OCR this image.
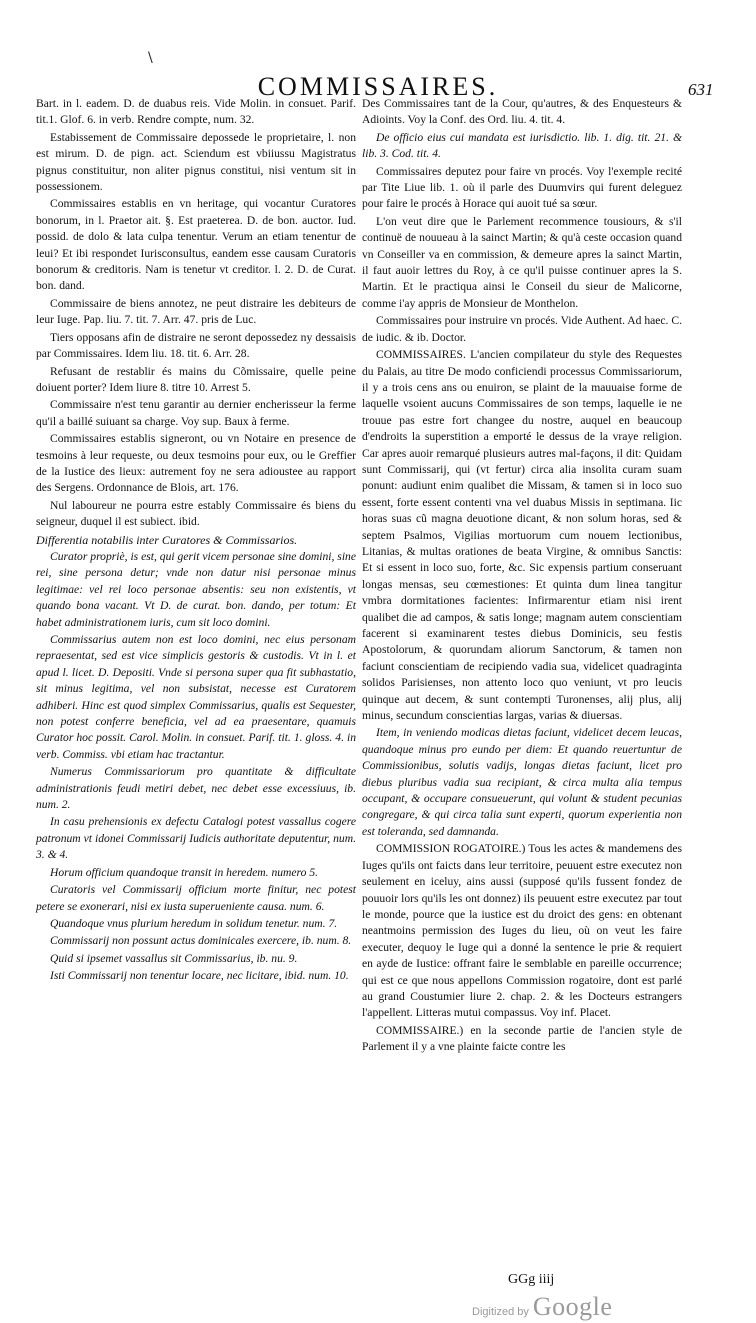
\
COMMISSAIRES.	631

Bart. in l. eadem. D. de duabus reis. Vide Molin. in consuet. Parif. tit.1. Glof. 6. in verb. Rendre compte, num. 32.

Estabissement de Commissaire depossede le proprietaire, l. non est mirum. D. de pign. act. Sciendum est vbiiussu Magistratus pignus constituitur, non aliter pignus constitui, nisi ventum sit in possessionem.

Commissaires establis en vn heritage, qui vocantur Curatores bonorum, in l. Praetor ait. §. Est praeterea. D. de bon. auctor. Iud. possid. de dolo & lata culpa tenentur. Verum an etiam tenentur de leui? Et ibi respondet Iurisconsultus, eandem esse causam Curatoris bonorum & creditoris. Nam is tenetur vt creditor. l. 2. D. de Curat. bon. dand.

Commissaire de biens annotez, ne peut distraire les debiteurs de leur Iuge. Pap. liu. 7. tit. 7. Arr. 47. pris de Luc.

Tiers opposans afin de distraire ne seront depossedez ny dessaisis par Commissaires. Idem liu. 18. tit. 6. Arr. 28.

Refusant de restablir és mains du Cõmissaire, quelle peine doiuent porter? Idem liure 8. titre 10. Arrest 5.

Commissaire n'est tenu garantir au dernier encherisseur la ferme qu'il a baillé suiuant sa charge. Voy sup. Baux à ferme.

Commissaires establis signeront, ou vn Notaire en presence de tesmoins à leur requeste, ou deux tesmoins pour eux, ou le Greffier de la Iustice des lieux: autrement foy ne sera adioustee au rapport des Sergens. Ordonnance de Blois, art. 176.

Nul laboureur ne pourra estre estably Commissaire és biens du seigneur, duquel il est subiect. ibid.

Differentia notabilis inter Curatores & Commissarios.

Curator propriè, is est, qui gerit vicem personae sine domini, sine rei, sine persona detur; vnde non datur nisi personae minus legitimae: vel rei loco personae absentis: seu non existentis, vt quando bona vacant. Vt D. de curat. bon. dando, per totum: Et habet administrationem iuris, cum sit loco domini.

Commissarius autem non est loco domini, nec eius personam repraesentat, sed est vice simplicis gestoris & custodis. Vt in l. et apud l. licet. D. Depositi. Vnde si persona super qua fit subhastatio, sit minus legitima, vel non subsistat, necesse est Curatorem adhiberi. Hinc est quod simplex Commissarius, qualis est Sequester, non potest conferre beneficia, vel ad ea praesentare, quamuis Curator hoc possit. Carol. Molin. in consuet. Parif. tit. 1. gloss. 4. in verb. Commiss. vbi etiam hac tractantur.

Numerus Commissariorum pro quantitate & difficultate administrationis feudi metiri debet, nec debet esse excessiuus, ib. num. 2.

In casu prehensionis ex defectu Catalogi potest vassallus cogere patronum vt idonei Commissarij Iudicis authoritate deputentur, num. 3. & 4.

Horum officium quandoque transit in heredem. numero 5.

Curatoris vel Commissarij officium morte finitur, nec potest petere se exonerari, nisi ex iusta superueniente causa. num. 6.

Quandoque vnus plurium heredum in solidum tenetur. num. 7.

Commissarij non possunt actus dominicales exercere, ib. num. 8.

Quid si ipsemet vassallus sit Commissarius, ib. nu. 9.

Isti Commissarij non tenentur locare, nec licitare, ibid. num. 10.

Des Commissaires tant de la Cour, qu'autres, & des Enquesteurs & Adioints. Voy la Conf. des Ord. liu. 4. tit. 4.

De officio eius cui mandata est iurisdictio. lib. 1. dig. tit. 21. & lib. 3. Cod. tit. 4.

Commissaires deputez pour faire vn procés. Voy l'exemple recité par Tite Liue lib. 1. où il parle des Duumvirs qui furent deleguez pour faire le procés à Horace qui auoit tué sa sœur.

L'on veut dire que le Parlement recommence tousiours, & s'il continuë de nouueau à la sainct Martin; & qu'à ceste occasion quand vn Conseiller va en commission, & demeure apres la sainct Martin, il faut auoir lettres du Roy, à ce qu'il puisse continuer apres la S. Martin. Et le practiqua ainsi le Conseil du sieur de Malicorne, comme i'ay appris de Monsieur de Monthelon.

Commissaires pour instruire vn procés. Vide Authent. Ad haec. C. de iudic. & ib. Doctor.

COMMISSAIRES. L'ancien compilateur du style des Requestes du Palais, au titre De modo conficiendi processus Commissariorum, il y a trois cens ans ou enuiron, se plaint de la mauuaise forme de laquelle vsoient aucuns Commissaires de son temps, laquelle ie ne trouue pas estre fort changee du nostre, auquel en beaucoup d'endroits la superstition a emporté le dessus de la vraye religion. Car apres auoir remarqué plusieurs autres mal-façons, il dit: Quidam sunt Commissarij, qui (vt fertur) circa alia insolita curam suam ponunt: audiunt enim qualibet die Missam, & tamen si in loco suo essent, forte essent contenti vna vel duabus Missis in septimana. Iic horas suas cũ magna deuotione dicant, & non solum horas, sed & septem Psalmos, Vigilias mortuorum cum nouem lectionibus, Litanias, & multas orationes de beata Virgine, & omnibus Sanctis: Et si essent in loco suo, forte, &c. Sic expensis partium conseruant longas mensas, seu cœmestiones: Et quinta dum linea tangitur vmbra dormitationes facientes: Infirmarentur etiam nisi irent qualibet die ad campos, & satis longe; magnam autem conscientiam facerent si examinarent testes diebus Dominicis, seu festis Apostolorum, & quorundam aliorum Sanctorum, & tamen non faciunt conscientiam de recipiendo vadia sua, videlicet quadraginta solidos Parisienses, non attento loco quo veniunt, vt pro leucis quinque aut decem, & sunt contempti Turonenses, alij plus, alij minus, secundum conscientias largas, varias & diuersas.

Item, in veniendo modicas dietas faciunt, videlicet decem leucas, quandoque minus pro eundo per diem: Et quando reuertuntur de Commissionibus, solutis vadijs, longas dietas faciunt, licet pro diebus pluribus vadia sua recipiant, & circa multa alia tempus occupant, & occupare consueuerunt, qui volunt & student pecunias congregare, & qui circa talia sunt experti, quorum experientia non est toleranda, sed damnanda.

COMMISSION ROGATOIRE.) Tous les actes & mandemens des Iuges qu'ils ont faicts dans leur territoire, peuuent estre executez non seulement en iceluy, ains aussi (supposé qu'ils fussent fondez de pouuoir lors qu'ils les ont donnez) ils peuuent estre executez par tout le monde, pource que la iustice est du droict des gens: en obtenant neantmoins permission des Iuges du lieu, où on veut les faire executer, dequoy le Iuge qui a donné la sentence le prie & requiert en ayde de Iustice: offrant faire le semblable en pareille occurrence; qui est ce que nous appellons Commission rogatoire, dont est parlé au grand Coustumier liure 2. chap. 2. & les Docteurs estrangers l'appellent. Litteras mutui compassus. Voy inf. Placet.

COMMISSAIRE.) en la seconde partie de l'ancien style de Parlement il y a vne plainte faicte contre les

GGg iiij
Digitized by Google
